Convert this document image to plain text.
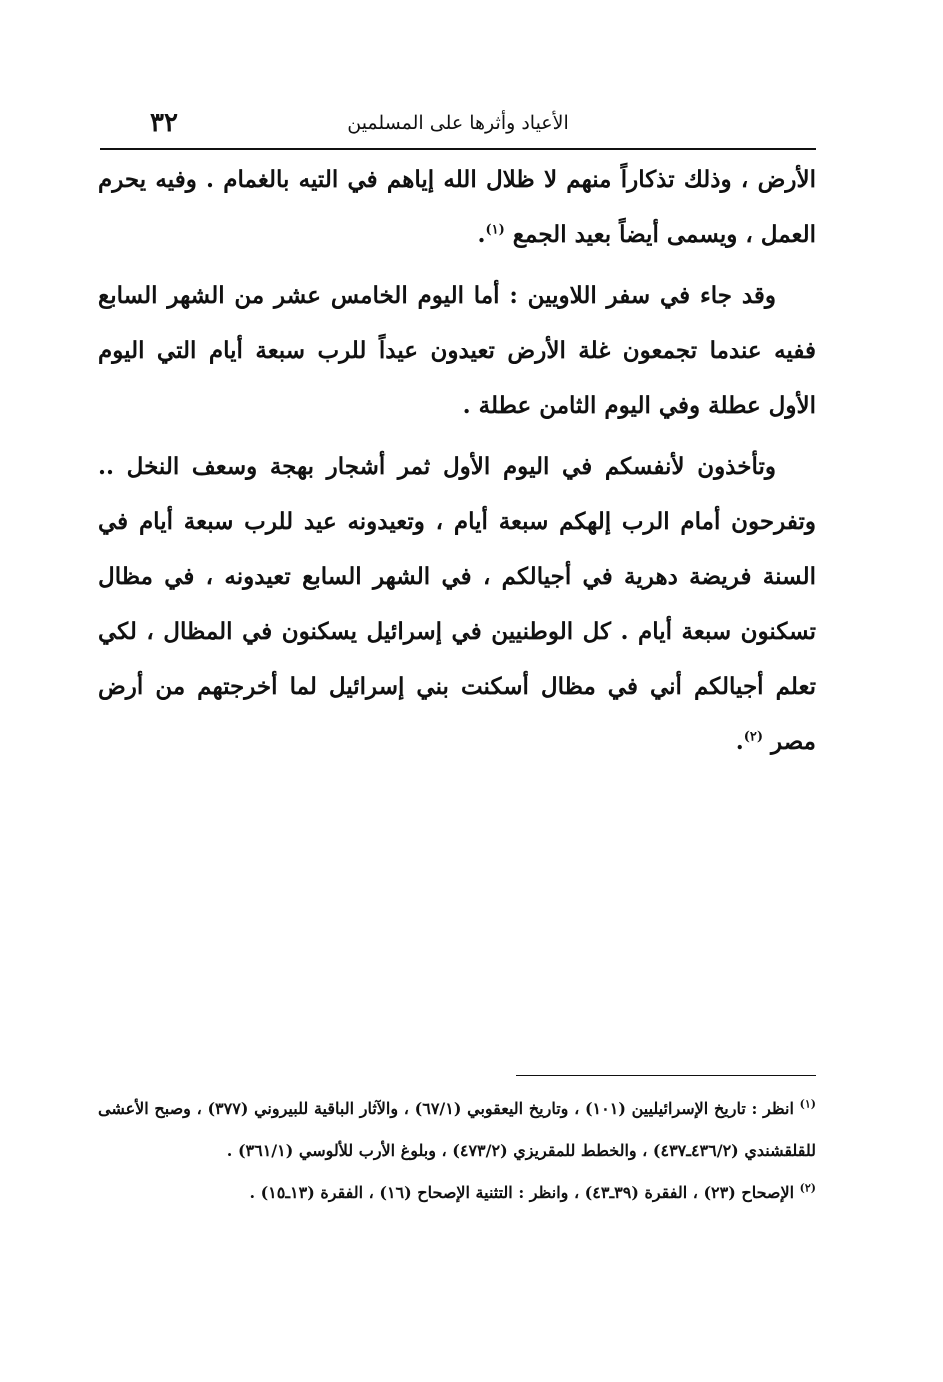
الأعياد وأثرها على المسلمين
٣٢

الأرض ، وذلك تذكاراً منهم لا ظلال الله إياهم في التيه بالغمام . وفيه يحرم العمل ، ويسمى أيضاً بعيد الجمع $^{(١)}$.

وقد جاء في سفر اللاويين : أما اليوم الخامس عشر من الشهر السابع ففيه عندما تجمعون غلة الأرض تعيدون عيداً للرب سبعة أيام التي اليوم الأول عطلة وفي اليوم الثامن عطلة .

وتأخذون لأنفسكم في اليوم الأول ثمر أشجار بهجة وسعف النخل .. وتفرحون أمام الرب إلهكم سبعة أيام ، وتعيدونه عيد للرب سبعة أيام في السنة فريضة دهرية في أجيالكم ، في الشهر السابع تعيدونه ، في مظال تسكنون سبعة أيام . كل الوطنيين في إسرائيل يسكنون في المظال ، لكي تعلم أجيالكم أني في مظال أسكنت بني إسرائيل لما أخرجتهم من أرض مصر $^{(٢)}$.

$^{(١)}$ انظر : تاريخ الإسرائيليين (١٠١) ، وتاريخ اليعقوبي (٦٧/١) ، والآثار الباقية للبيروني (٣٧٧) ، وصبح الأعشى للقلقشندي (٤٣٦/٢ـ٤٣٧) ، والخطط للمقريزي (٤٧٣/٢) ، وبلوغ الأرب للألوسي (٣٦١/١) .

$^{(٢)}$ الإصحاح (٢٣) ، الفقرة (٣٩ـ٤٣) ، وانظر : التثنية الإصحاح (١٦) ، الفقرة (١٣ـ١٥) .
